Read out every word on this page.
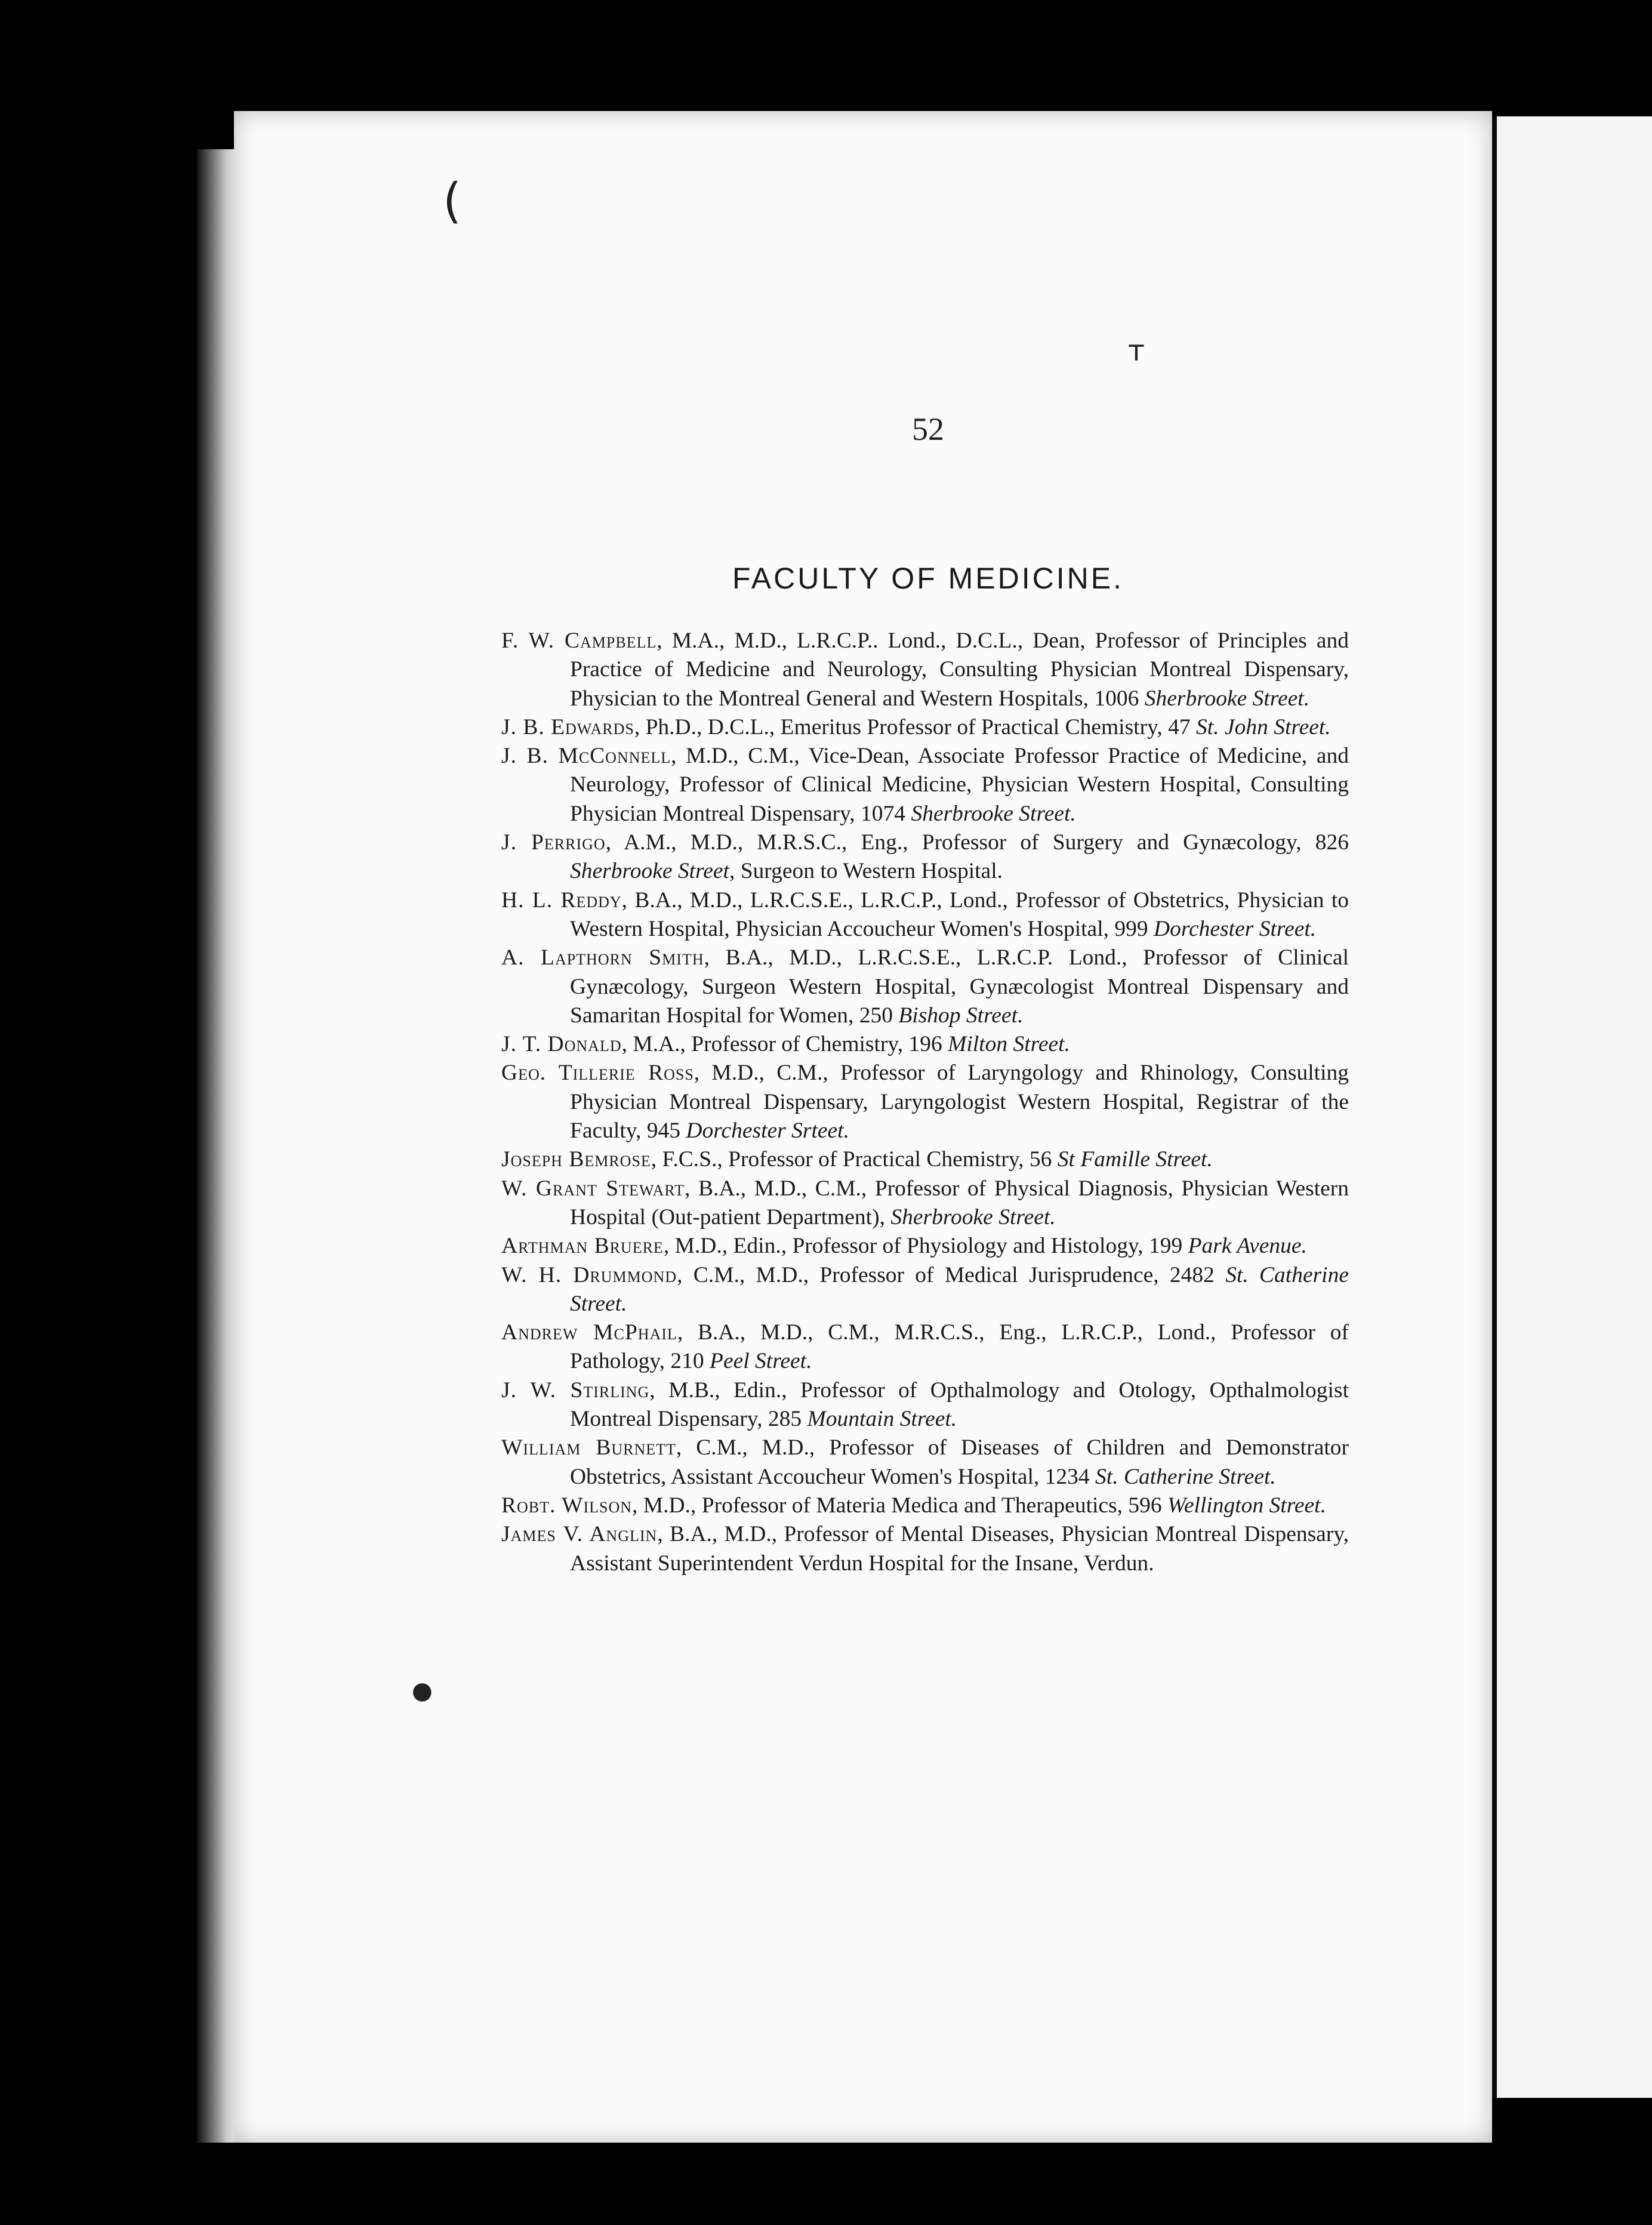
(
ᴛ
●
52
FACULTY OF MEDICINE.
F. W. Campbell, M.A., M.D., L.R.C.P.. Lond., D.C.L., Dean, Professor of Principles and Practice of Medicine and Neurology, Consulting Physician Montreal Dispensary, Physician to the Montreal General and Western Hospitals, 1006 Sherbrooke Street.
J. B. Edwards, Ph.D., D.C.L., Emeritus Professor of Practical Chemistry, 47 St. John Street.
J. B. McConnell, M.D., C.M., Vice-Dean, Associate Professor Practice of Medicine, and Neurology, Professor of Clinical Medicine, Physician Western Hospital, Consulting Physician Montreal Dispensary, 1074 Sherbrooke Street.
J. Perrigo, A.M., M.D., M.R.S.C., Eng., Professor of Surgery and Gynæcology, 826 Sherbrooke Street, Surgeon to Western Hospital.
H. L. Reddy, B.A., M.D., L.R.C.S.E., L.R.C.P., Lond., Professor of Obstetrics, Physician to Western Hospital, Physician Accoucheur Women's Hospital, 999 Dorchester Street.
A. Lapthorn Smith, B.A., M.D., L.R.C.S.E., L.R.C.P. Lond., Professor of Clinical Gynæcology, Surgeon Western Hospital, Gynæcologist Montreal Dispensary and Samaritan Hospital for Women, 250 Bishop Street.
J. T. Donald, M.A., Professor of Chemistry, 196 Milton Street.
Geo. Tillerie Ross, M.D., C.M., Professor of Laryngology and Rhinology, Consulting Physician Montreal Dispensary, Laryngologist Western Hospital, Registrar of the Faculty, 945 Dorchester Srteet.
Joseph Bemrose, F.C.S., Professor of Practical Chemistry, 56 St Famille Street.
W. Grant Stewart, B.A., M.D., C.M., Professor of Physical Diagnosis, Physician Western Hospital (Out-patient Department), Sherbrooke Street.
Arthman Bruere, M.D., Edin., Professor of Physiology and Histology, 199 Park Avenue.
W. H. Drummond, C.M., M.D., Professor of Medical Jurisprudence, 2482 St. Catherine Street.
Andrew McPhail, B.A., M.D., C.M., M.R.C.S., Eng., L.R.C.P., Lond., Professor of Pathology, 210 Peel Street.
J. W. Stirling, M.B., Edin., Professor of Opthalmology and Otology, Opthalmologist Montreal Dispensary, 285 Mountain Street.
William Burnett, C.M., M.D., Professor of Diseases of Children and Demonstrator Obstetrics, Assistant Accoucheur Women's Hospital, 1234 St. Catherine Street.
Robt. Wilson, M.D., Professor of Materia Medica and Therapeutics, 596 Wellington Street.
James V. Anglin, B.A., M.D., Professor of Mental Diseases, Physician Montreal Dispensary, Assistant Superintendent Verdun Hospital for the Insane, Verdun.
